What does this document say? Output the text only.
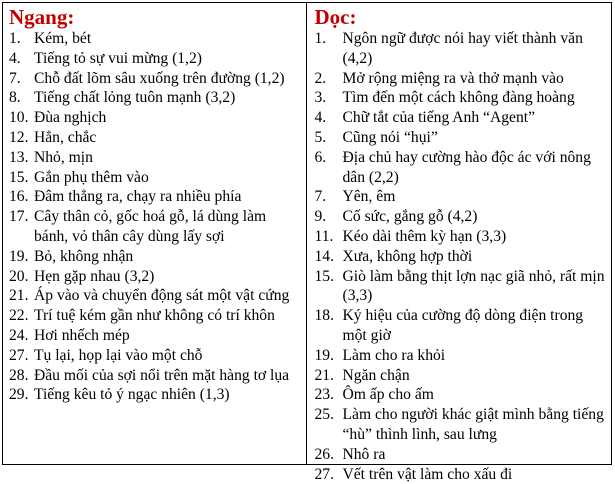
Ngang:
1. Kém, bét
4. Tiếng tỏ sự vui mừng (1,2)
7. Chỗ đất lõm sâu xuống trên đường (1,2)
8. Tiếng chất lỏng tuôn mạnh (3,2)
10. Đùa nghịch
12. Hẳn, chắc
13. Nhỏ, mịn
15. Gắn phụ thêm vào
16. Đâm thẳng ra, chạy ra nhiều phía
17. Cây thân cỏ, gốc hoá gỗ, lá dùng làm bánh, vỏ thân cây dùng lấy sợi
19. Bỏ, không nhận
20. Hẹn gặp nhau (3,2)
21. Áp vào và chuyển động sát một vật cứng
22. Trí tuệ kém gần như không có trí khôn
24. Hơi nhếch mép
27. Tụ lại, họp lại vào một chỗ
28. Đầu mối của sợi nổi trên mặt hàng tơ lụa
29. Tiếng kêu tỏ ý ngạc nhiên (1,3)
Dọc:
1.	Ngôn ngữ được nói hay viết thành văn (4,2)
2.	Mở rộng miệng ra và thở mạnh vào
3.	Tìm đến một cách không đàng hoàng
4.	Chữ tắt của tiếng Anh “Agent”
5.	Cũng nói “hụi”
6.	Địa chủ hay cường hào độc ác với nông dân (2,2)
7.	Yên, êm
9.	Cố sức, gắng gỗ (4,2)
11. Kéo dài thêm kỳ hạn (3,3)
14. Xưa, không hợp thời
15. Giò làm bằng thịt lợn nạc giã nhỏ, rất mịn (3,3)
18. Ký hiệu của cường độ dòng điện trong một giờ
19. Làm cho ra khỏi
21. Ngăn chận
23. Ôm ấp cho ấm
25. Làm cho người khác giật mình bằng tiếng “hù” thình lình, sau lưng
26. Nhô ra
27. Vết trên vật làm cho xấu đi
